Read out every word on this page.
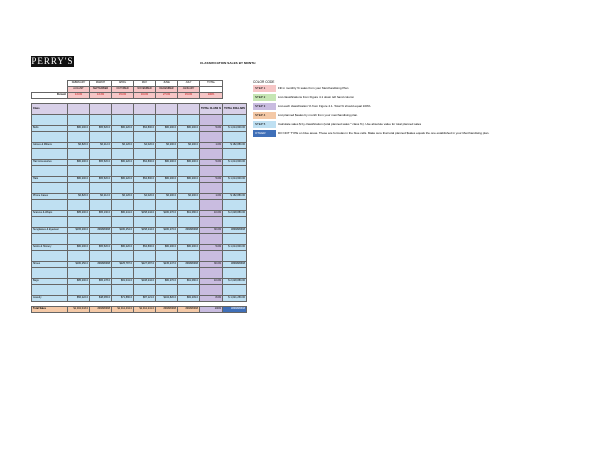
PERRY'S	CLASSIFICATION SALES BY MONTH
	FEBRUARY	MARCH	APRIL	MAY	JUNE	JULY	TOTAL	
	AUGUST	SEPTEMBER	OCTOBER	NOVEMBER	DECEMBER	JANUARY		
Percent	13.0%	13.3%	15.0%	16.0%	27.0%	15.0%	100%	

Class							TOTAL CLASS %	TOTAL DOLLARS

Belts	$80,200.0	$65,520.0	$80,220.0	$54,800.0	$80,200.0	$80,200.0	5.0%	$ 1,014,600.00

Gloves & Mittens	$6,820.0	$6,212.0	$6,126.0	$4,020.0	$6,200.0	$6,200.0	1.0%	$ 182,880.00

Hair Accessories	$80,200.0	$65,520.0	$80,220.0	$54,800.0	$80,200.0	$80,200.0	5.0%	$ 1,014,600.00

Hats	$80,200.0	$65,520.0	$80,220.0	$54,800.0	$80,200.0	$80,200.0	5.0%	$ 1,014,600.00

Phone Cases	$6,820.0	$6,212.0	$6,126.0	$4,020.0	$6,200.0	$6,200.0	1.0%	$ 182,880.00

Scarves & Wraps	$85,200.0	$65,130.0	$80,241.0	$158,244.0	$180,270.0	$61,080.0	10.0%	$ 2,028,880.00

Sunglasses & Eyewear	$165,200.0	#########	$180,254.0	$158,244.0	$180,270.0	#########	30.0%	##########

Socks & Hosiery	$80,200.0	$65,520.0	$80,220.0	$54,800.0	$80,200.0	$80,200.0	5.0%	$ 1,014,600.00

Shoes	$180,250.0	#########	$225,787.0	$227,087.0	$245,247.0	#########	30.0%	##########

Bags	$85,200.0	$65,178.0	$81,041.0	$108,244.0	$80,270.0	$61,080.0	10.0%	$ 2,028,880.00

Jewelry	$56,222.0	$48,065.0	$71,880.0	$87,121.0	$102,820.0	$82,209.0	8.0%	$ 1,621,250.00

Total Sales	$1,002,043.0	#########	$1,012,434.0	$1,012,241.0	#########	#########	100%	##########
COLOR CODE
STEP 1	Fill in monthly % sales from your Merchandising Plan
STEP 2	List classifications from Figure 4.1 down left hand column
STEP 3	List each classification % from Figure 4.1. Total % should equal 100%.
STEP 4	List planned $sales by month from your merchandising plan.
STEP 5	Calculate sales $ by classification (total planned sales * class %). Use absolute value for total planned sales
OTHER	DO NOT TYPE on blue areas. These are formulas in the blue cells. Make sure that total planned $sales equals the one established in your Merchandising plan.
